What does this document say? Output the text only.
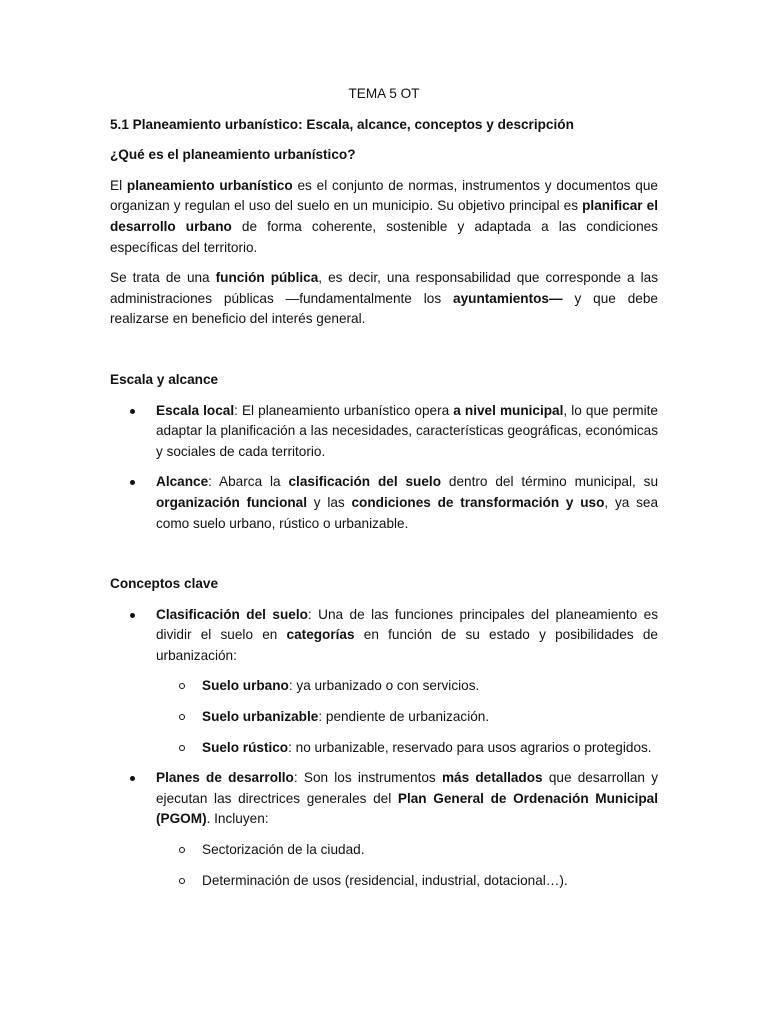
TEMA 5 OT
5.1 Planeamiento urbanístico: Escala, alcance, conceptos y descripción
¿Qué es el planeamiento urbanístico?

El planeamiento urbanístico es el conjunto de normas, instrumentos y documentos que organizan y regulan el uso del suelo en un municipio. Su objetivo principal es planificar el desarrollo urbano de forma coherente, sostenible y adaptada a las condiciones específicas del territorio.

Se trata de una función pública, es decir, una responsabilidad que corresponde a las administraciones públicas —fundamentalmente los ayuntamientos— y que debe realizarse en beneficio del interés general.

Escala y alcance
Escala local: El planeamiento urbanístico opera a nivel municipal, lo que permite adaptar la planificación a las necesidades, características geográficas, económicas y sociales de cada territorio.
Alcance: Abarca la clasificación del suelo dentro del término municipal, su organización funcional y las condiciones de transformación y uso, ya sea como suelo urbano, rústico o urbanizable.
Conceptos clave
Clasificación del suelo: Una de las funciones principales del planeamiento es dividir el suelo en categorías en función de su estado y posibilidades de urbanización:
Suelo urbano: ya urbanizado o con servicios.
Suelo urbanizable: pendiente de urbanización.
Suelo rústico: no urbanizable, reservado para usos agrarios o protegidos.
Planes de desarrollo: Son los instrumentos más detallados que desarrollan y ejecutan las directrices generales del Plan General de Ordenación Municipal (PGOM). Incluyen:
Sectorización de la ciudad.
Determinación de usos (residencial, industrial, dotacional…).
